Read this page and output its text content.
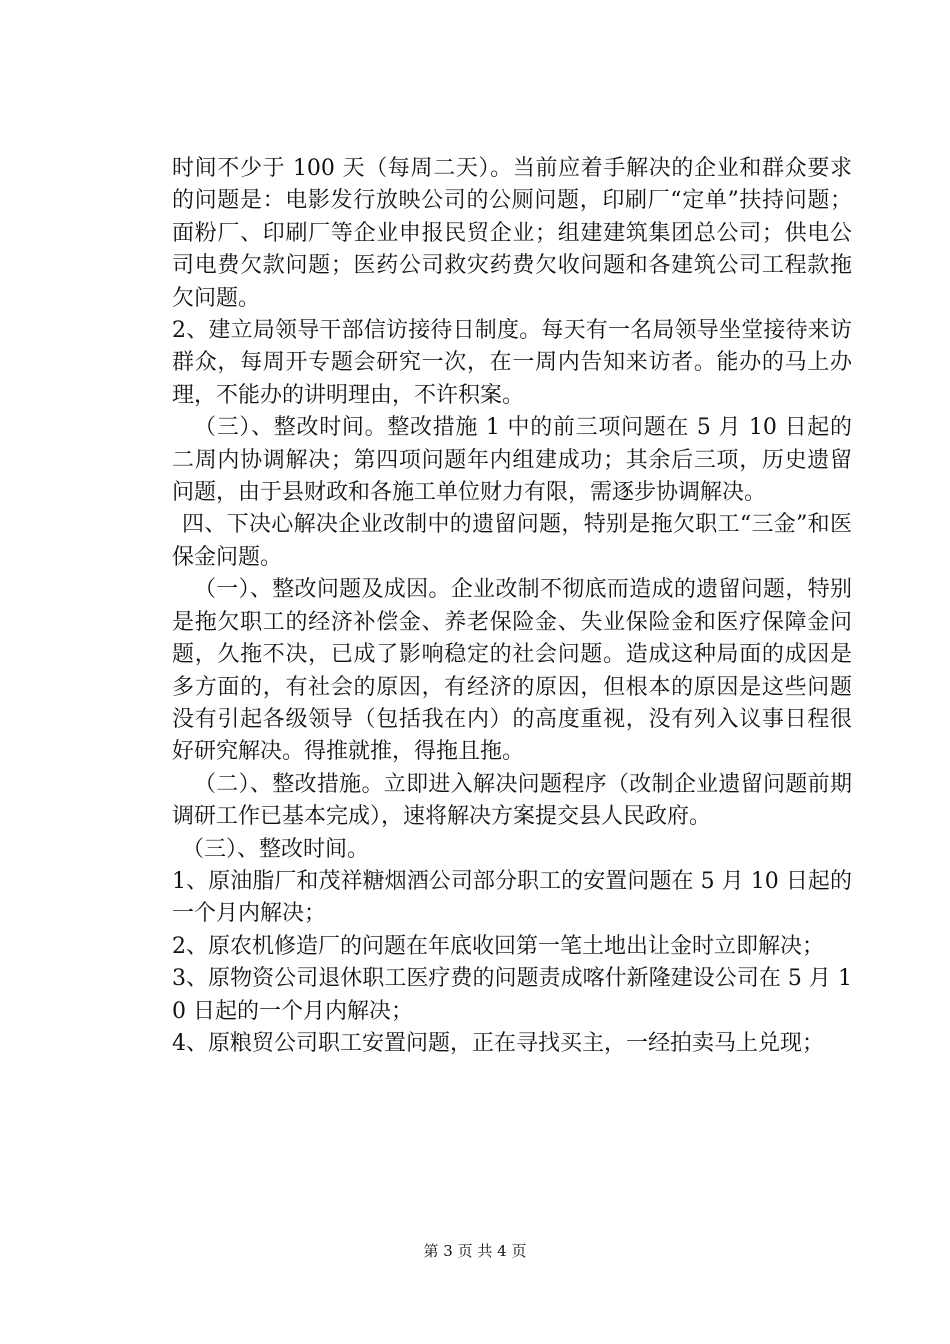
时间不少于 100 天（每周二天）。当前应着手解决的企业和群众要求的问题是：电影发行放映公司的公厕问题，印刷厂“定单”扶持问题；面粉厂、印刷厂等企业申报民贸企业；组建建筑集团总公司；供电公司电费欠款问题；医药公司救灾药费欠收问题和各建筑公司工程款拖欠问题。

2、建立局领导干部信访接待日制度。每天有一名局领导坐堂接待来访群众，每周开专题会研究一次，在一周内告知来访者。能办的马上办理，不能办的讲明理由，不许积案。

（三）、整改时间。整改措施 1 中的前三项问题在 5 月 10 日起的二周内协调解决；第四项问题年内组建成功；其余后三项，历史遗留问题，由于县财政和各施工单位财力有限，需逐步协调解决。

四、下决心解决企业改制中的遗留问题，特别是拖欠职工“三金”和医保金问题。

（一）、整改问题及成因。企业改制不彻底而造成的遗留问题，特别是拖欠职工的经济补偿金、养老保险金、失业保险金和医疗保障金问题，久拖不决，已成了影响稳定的社会问题。造成这种局面的成因是多方面的，有社会的原因，有经济的原因，但根本的原因是这些问题没有引起各级领导（包括我在内）的高度重视，没有列入议事日程很好研究解决。得推就推，得拖且拖。

（二）、整改措施。立即进入解决问题程序（改制企业遗留问题前期调研工作已基本完成），速将解决方案提交县人民政府。

（三）、整改时间。

1、原油脂厂和茂祥糖烟酒公司部分职工的安置问题在 5 月 10 日起的一个月内解决；

2、原农机修造厂的问题在年底收回第一笔土地出让金时立即解决；

3、原物资公司退休职工医疗费的问题责成喀什新隆建设公司在 5 月 10 日起的一个月内解决；

4、原粮贸公司职工安置问题，正在寻找买主，一经拍卖马上兑现；

第 3 页 共 4 页
